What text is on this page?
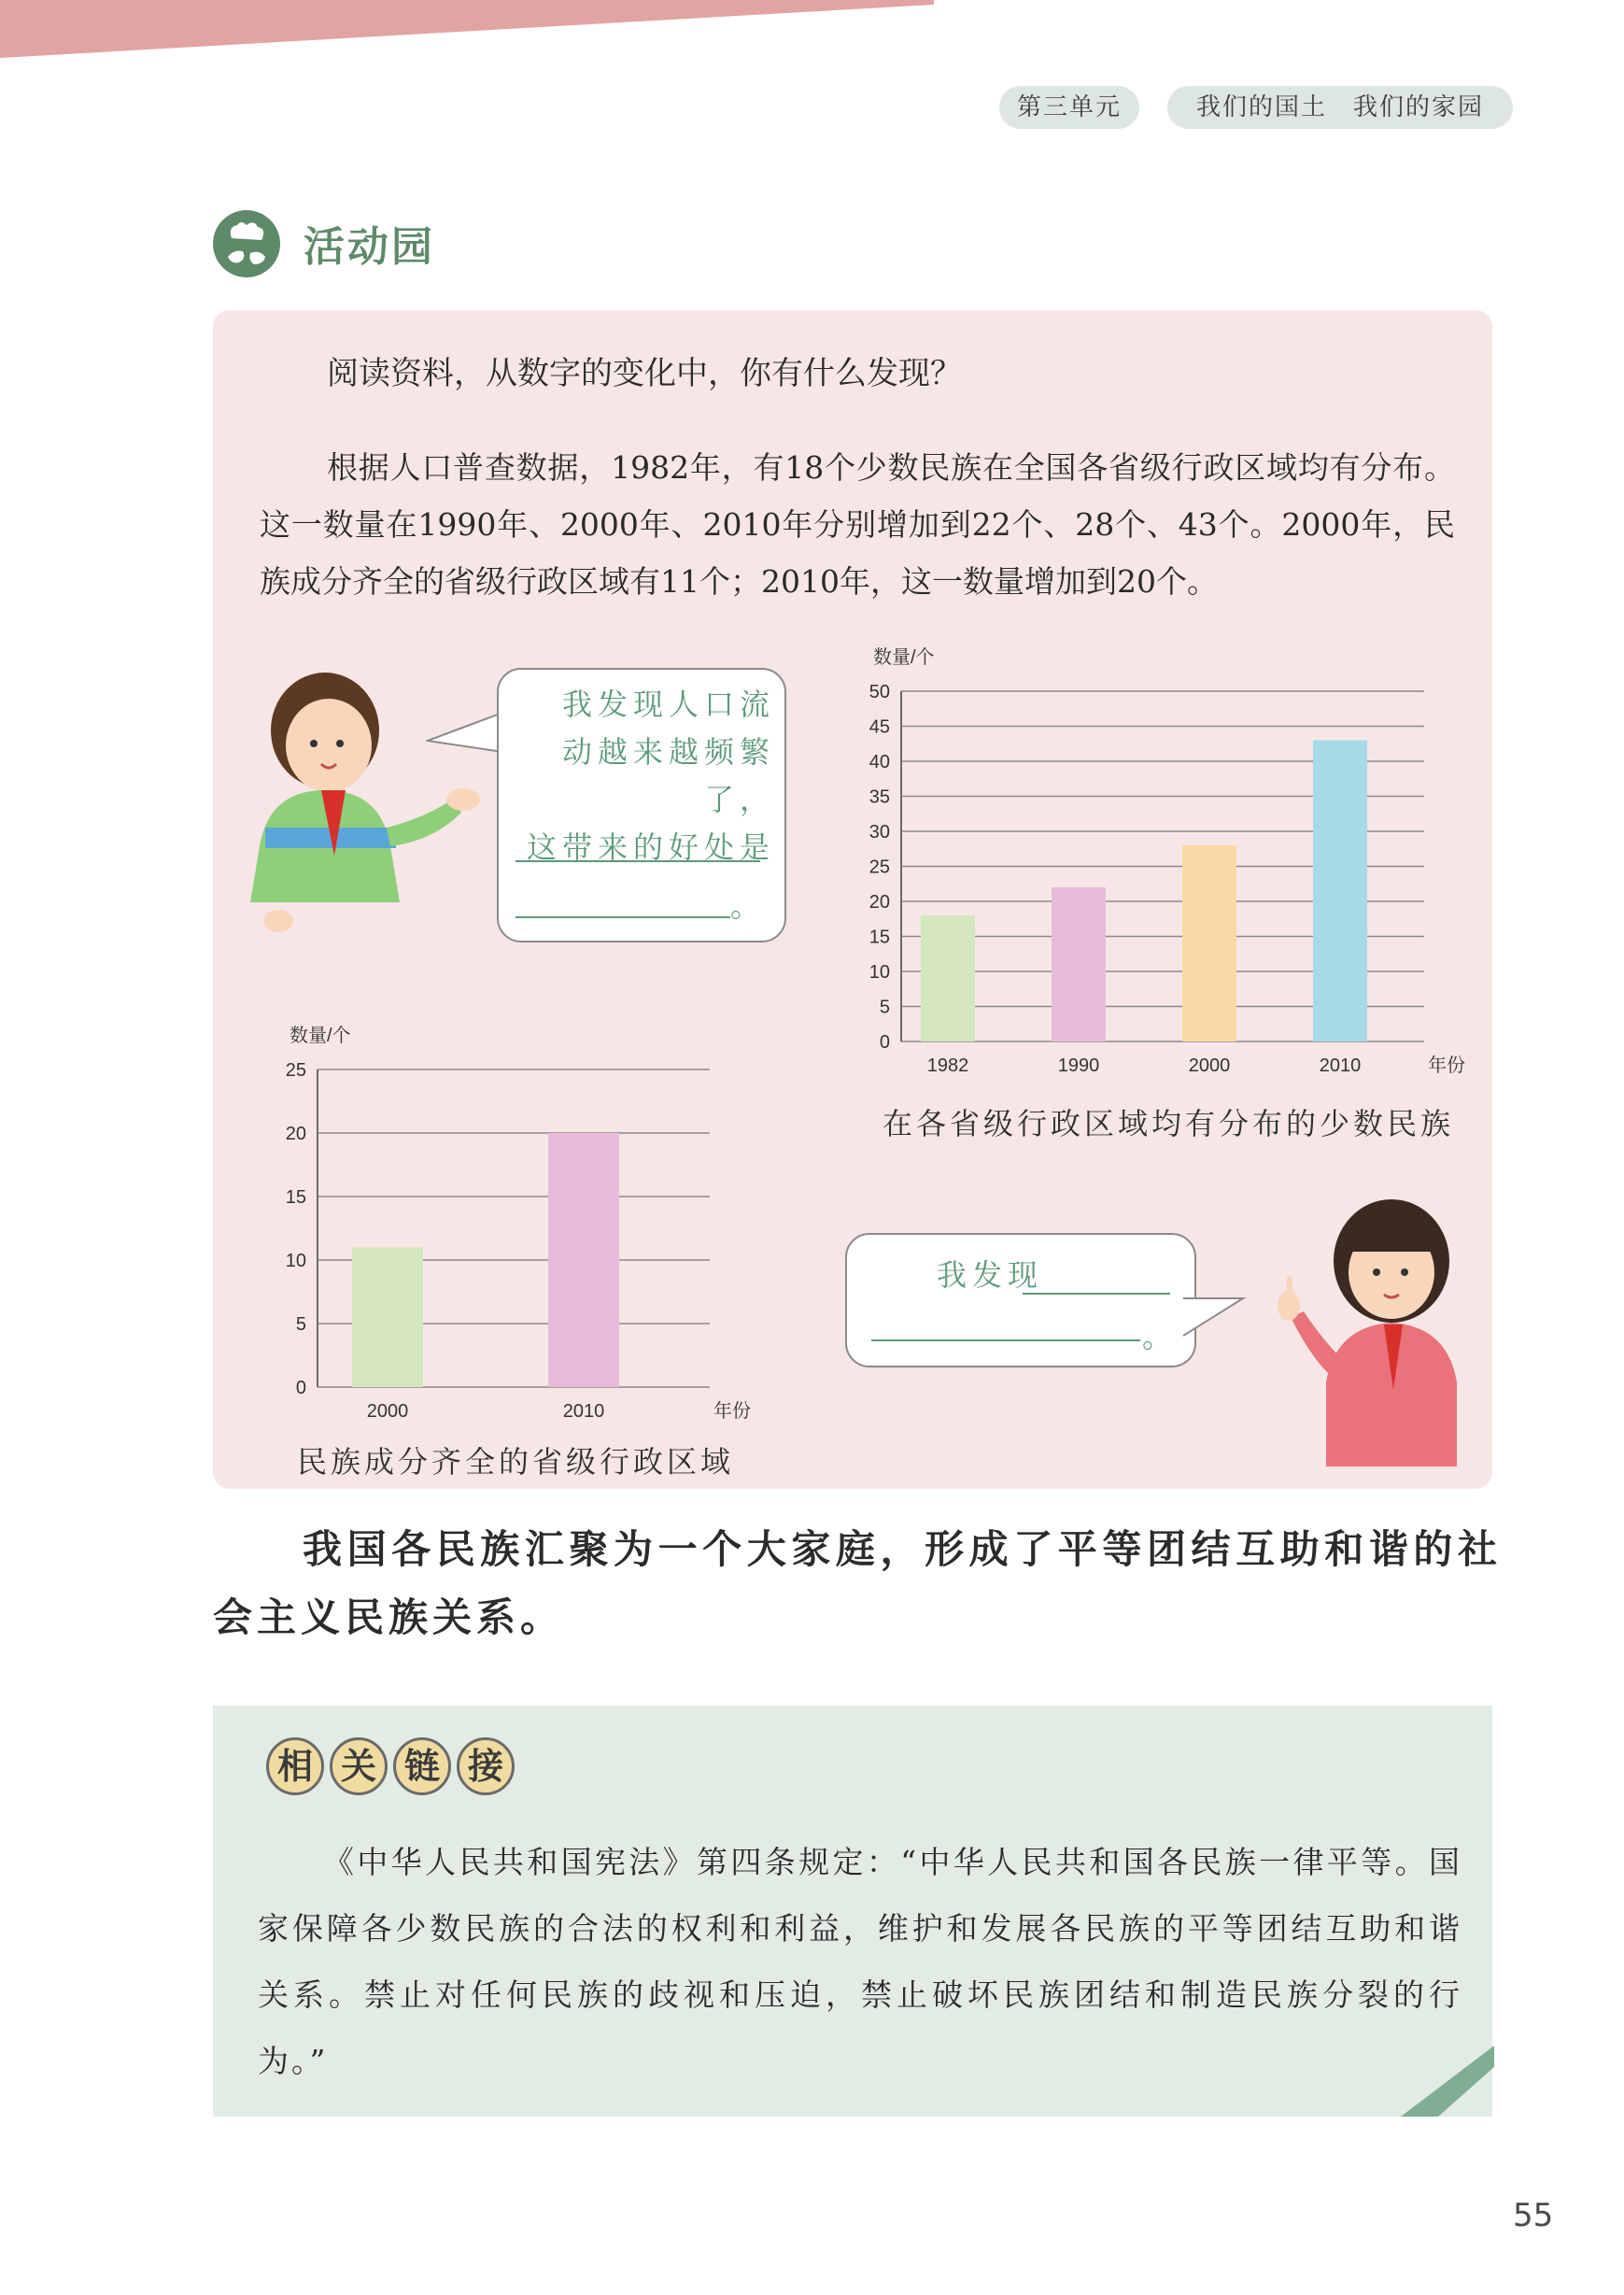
第三单元	我们的国土　我们的家园
活动园
阅读资料，从数字的变化中，你有什么发现？
根据人口普查数据，1982年，有18个少数民族在全国各省级行政区域均有分布。这一数量在1990年、2000年、2010年分别增加到22个、28个、43个。2000年，民族成分齐全的省级行政区域有11个；2010年，这一数量增加到20个。
我发现人口流
动越来越频繁了，
这带来的好处是
。
数量/个
0
5
10
15
20
25
30
35
40
45
50
1982	1990	2000	2010	年份
在各省级行政区域均有分布的少数民族
数量/个
0
5
10
15
20
25
2000	2010	年份
民族成分齐全的省级行政区域
我发现
。
我国各民族汇聚为一个大家庭，形成了平等团结互助和谐的社会主义民族关系。
相 关 链 接
《中华人民共和国宪法》第四条规定：“中华人民共和国各民族一律平等。国家保障各少数民族的合法的权利和利益，维护和发展各民族的平等团结互助和谐关系。禁止对任何民族的歧视和压迫，禁止破坏民族团结和制造民族分裂的行为。”
55
